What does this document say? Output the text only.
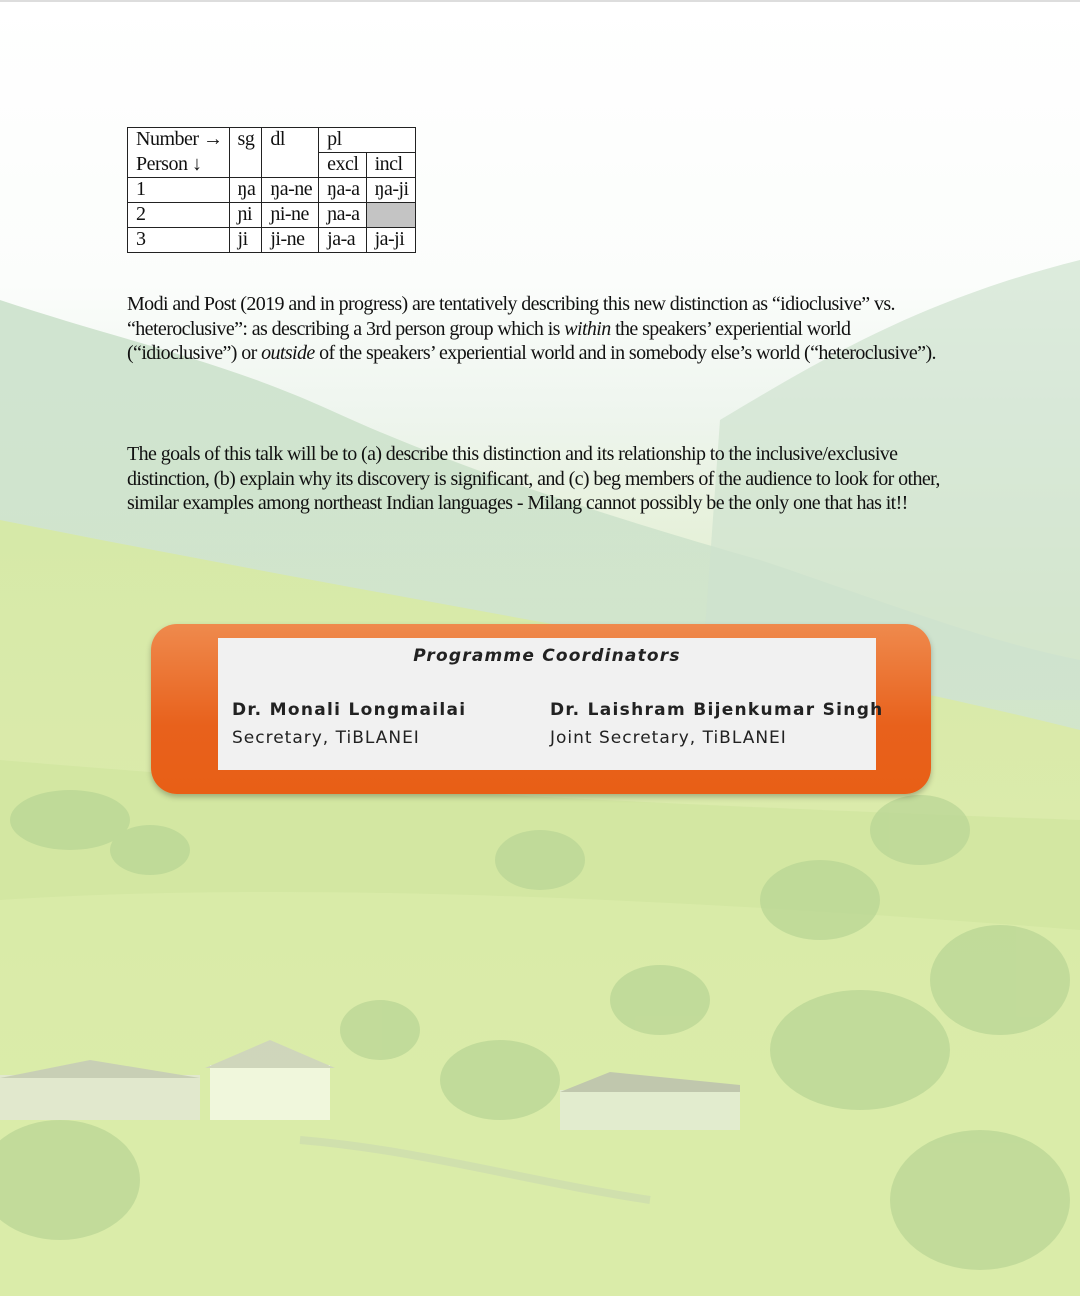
Number →	sg	dl	pl	
Person ↓			excl	incl
1	ŋa	ŋa-ne	ŋa-a	ŋa-ji
2	ɲi	ɲi-ne	ɲa-a	
3	ji	ji-ne	ja-a	ja-ji

Modi and Post (2019 and in progress) are tentatively describing this new distinction as “idioclusive” vs. “heteroclusive”: as describing a 3rd person group which is within the speakers’ experiential world (“idioclusive”) or outside of the speakers’ experiential world and in somebody else’s world (“heteroclusive”).

The goals of this talk will be to (a) describe this distinction and its relationship to the inclusive/exclusive distinction, (b) explain why its discovery is significant, and (c) beg members of the audience to look for other, similar examples among northeast Indian languages - Milang cannot possibly be the only one that has it!!

Programme Coordinators
Dr. Monali Longmailai
Secretary, TiBLANEI
Dr. Laishram Bijenkumar Singh
Joint Secretary, TiBLANEI
